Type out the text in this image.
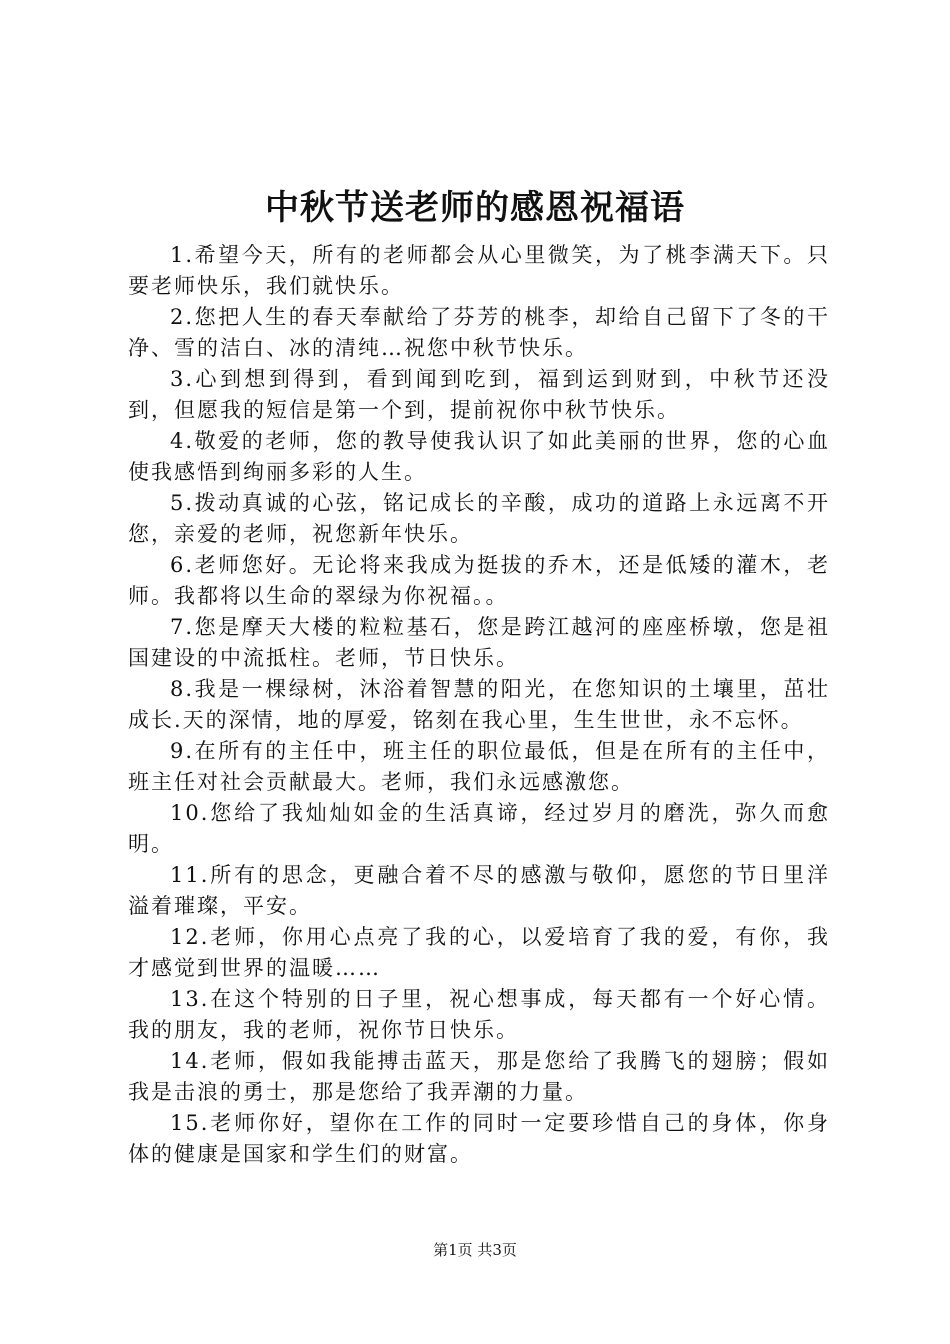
中秋节送老师的感恩祝福语

1.希望今天，所有的老师都会从心里微笑，为了桃李满天下。只要老师快乐，我们就快乐。

2.您把人生的春天奉献给了芬芳的桃李，却给自己留下了冬的干净、雪的洁白、冰的清纯…祝您中秋节快乐。

3.心到想到得到，看到闻到吃到，福到运到财到，中秋节还没到，但愿我的短信是第一个到，提前祝你中秋节快乐。

4.敬爱的老师，您的教导使我认识了如此美丽的世界，您的心血使我感悟到绚丽多彩的人生。

5.拨动真诚的心弦，铭记成长的辛酸，成功的道路上永远离不开您，亲爱的老师，祝您新年快乐。

6.老师您好。无论将来我成为挺拔的乔木，还是低矮的灌木，老师。我都将以生命的翠绿为你祝福。。

7.您是摩天大楼的粒粒基石，您是跨江越河的座座桥墩，您是祖国建设的中流抵柱。老师，节日快乐。

8.我是一棵绿树，沐浴着智慧的阳光，在您知识的土壤里，茁壮成长.天的深情，地的厚爱，铭刻在我心里，生生世世，永不忘怀。

9.在所有的主任中，班主任的职位最低，但是在所有的主任中，班主任对社会贡献最大。老师，我们永远感激您。

10.您给了我灿灿如金的生活真谛，经过岁月的磨洗，弥久而愈明。

11.所有的思念，更融合着不尽的感激与敬仰，愿您的节日里洋溢着璀璨，平安。

12.老师，你用心点亮了我的心，以爱培育了我的爱，有你，我才感觉到世界的温暖……

13.在这个特别的日子里，祝心想事成，每天都有一个好心情。我的朋友，我的老师，祝你节日快乐。

14.老师，假如我能搏击蓝天，那是您给了我腾飞的翅膀；假如我是击浪的勇士，那是您给了我弄潮的力量。

15.老师你好，望你在工作的同时一定要珍惜自己的身体，你身体的健康是国家和学生们的财富。

第1页 共3页
